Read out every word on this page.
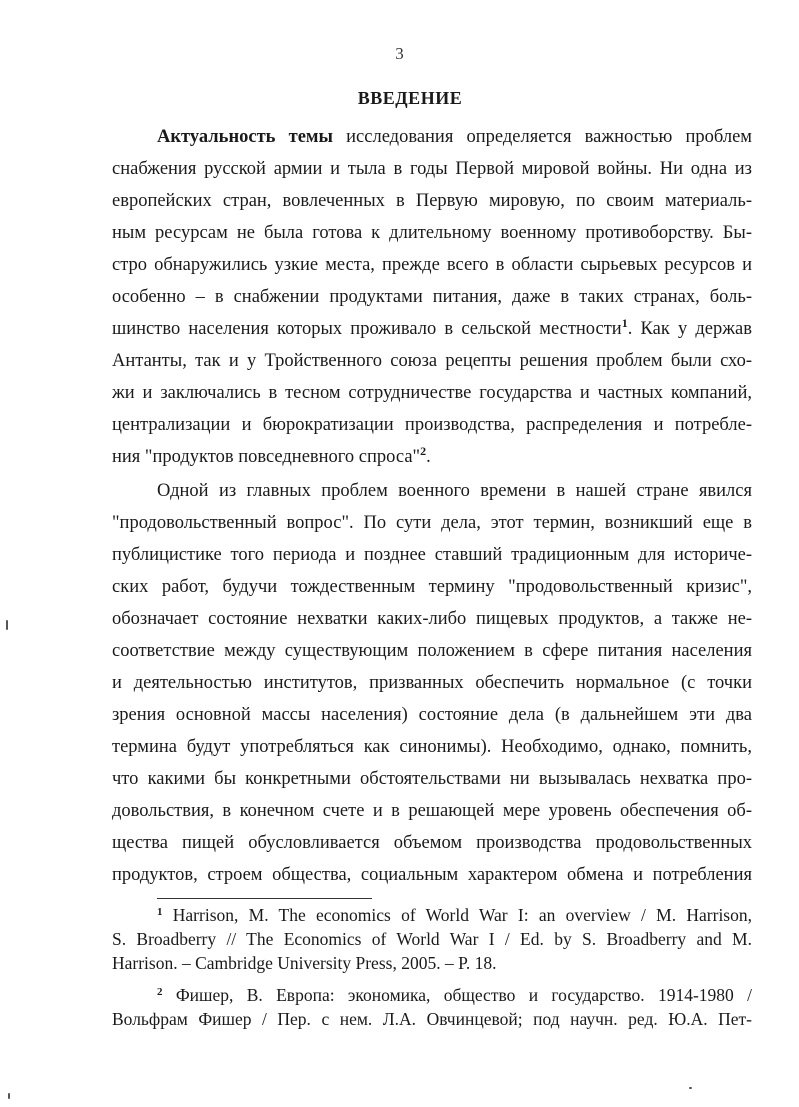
3
ВВЕДЕНИЕ
Актуальность темы исследования определяется важностью проблем
снабжения русской армии и тыла в годы Первой мировой войны. Ни одна из
европейских стран, вовлеченных в Первую мировую, по своим материаль-
ным ресурсам не была готова к длительному военному противоборству. Бы-
стро обнаружились узкие места, прежде всего в области сырьевых ресурсов и
особенно – в снабжении продуктами питания, даже в таких странах, боль-
шинство населения которых проживало в сельской местности$^1$. Как у держав
Антанты, так и у Тройственного союза рецепты решения проблем были схо-
жи и заключались в тесном сотрудничестве государства и частных компаний,
централизации и бюрократизации производства, распределения и потребле-
ния "продуктов повседневного спроса"$^2$.
Одной из главных проблем военного времени в нашей стране явился
"продовольственный вопрос". По сути дела, этот термин, возникший еще в
публицистике того периода и позднее ставший традиционным для историче-
ских работ, будучи тождественным термину "продовольственный кризис",
обозначает состояние нехватки каких-либо пищевых продуктов, а также не-
соответствие между существующим положением в сфере питания населения
и деятельностью институтов, призванных обеспечить нормальное (с точки
зрения основной массы населения) состояние дела (в дальнейшем эти два
термина будут употребляться как синонимы). Необходимо, однако, помнить,
что какими бы конкретными обстоятельствами ни вызывалась нехватка про-
довольствия, в конечном счете и в решающей мере уровень обеспечения об-
щества пищей обусловливается объемом производства продовольственных
продуктов, строем общества, социальным характером обмена и потребления
$^1$ Harrison, M. The economics of World War I: an overview / M. Harrison,
S. Broadberry // The Economics of World War I / Ed. by S. Broadberry and M.
Harrison. – Cambridge University Press, 2005. – P. 18.
$^2$ Фишер, В. Европа: экономика, общество и государство. 1914-1980 /
Вольфрам Фишер / Пер. с нем. Л.А. Овчинцевой; под научн. ред. Ю.А. Пет-
